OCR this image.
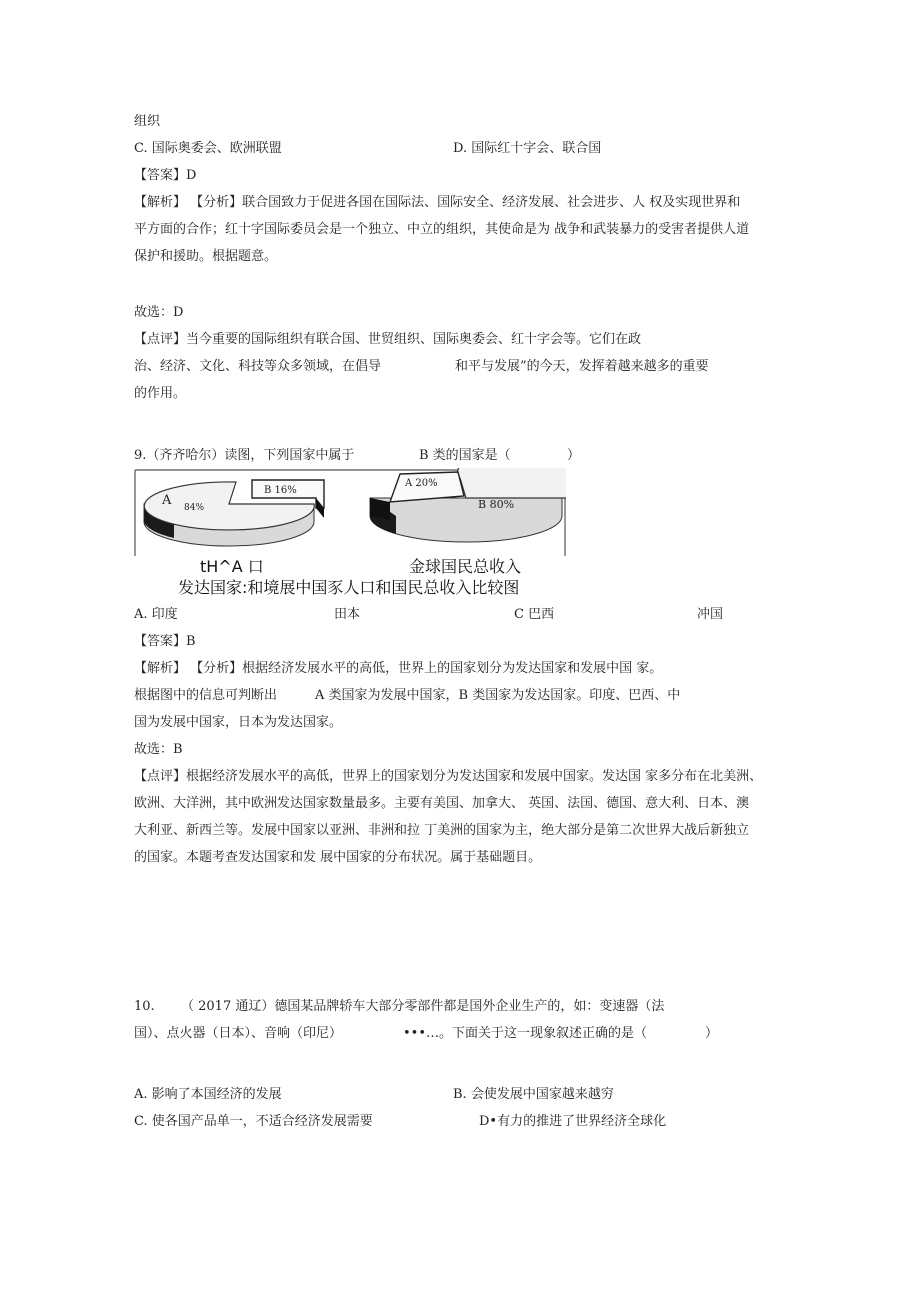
组织
C. 国际奥委会、欧洲联盟	D. 国际红十字会、联合国
【答案】D
【解析】 【分析】联合国致力于促进各国在国际法、国际安全、经济发展、社会进步、人 权及实现世界和
平方面的合作；红十字国际委员会是一个独立、中立的组织，其使命是为 战争和武装暴力的受害者提供人道
保护和援助。根据题意。
故选：D
【点评】当今重要的国际组织有联合国、世贸组织、国际奥委会、红十字会等。它们在政
治、经济、文化、科技等众多领域，在倡导	和平与发展”的今天，发挥着越来越多的重要
的作用。
9.（齐齐哈尔）读图，下列国家中属于	B 类的国家是（	）
A 84%
B 16%
B 80%
A 20%
tH^A 口	金球国民总收入
发达国家:和境展中国豕人口和国民总收入比较图
A. 印度	田本	C 巴西	冲国
【答案】B
【解析】 【分析】根据经济发展水平的高低，世界上的国家划分为发达国家和发展中国 家。
根据图中的信息可判断出	A 类国家为发展中国家，B 类国家为发达国家。印度、巴西、中
国为发展中国家，日本为发达国家。
故选：B
【点评】根据经济发展水平的高低，世界上的国家划分为发达国家和发展中国家。发达国 家多分布在北美洲、
欧洲、大洋洲，其中欧洲发达国家数量最多。主要有美国、加拿大、 英国、法国、德国、意大利、日本、澳
大利亚、新西兰等。发展中国家以亚洲、非洲和拉 丁美洲的国家为主，绝大部分是第二次世界大战后新独立
的国家。本题考查发达国家和发 展中国家的分布状况。属于基础题目。
10. （ 2017 通辽）德国某品牌轿车大部分零部件都是国外企业生产的，如：变速器（法
国）、点火器（日本）、音响（印尼）	•••…。下面关于这一现象叙述正确的是（	）
A. 影响了本国经济的发展	B. 会使发展中国家越来越穷
C. 使各国产品单一，不适合经济发展需要	D•有力的推进了世界经济全球化
